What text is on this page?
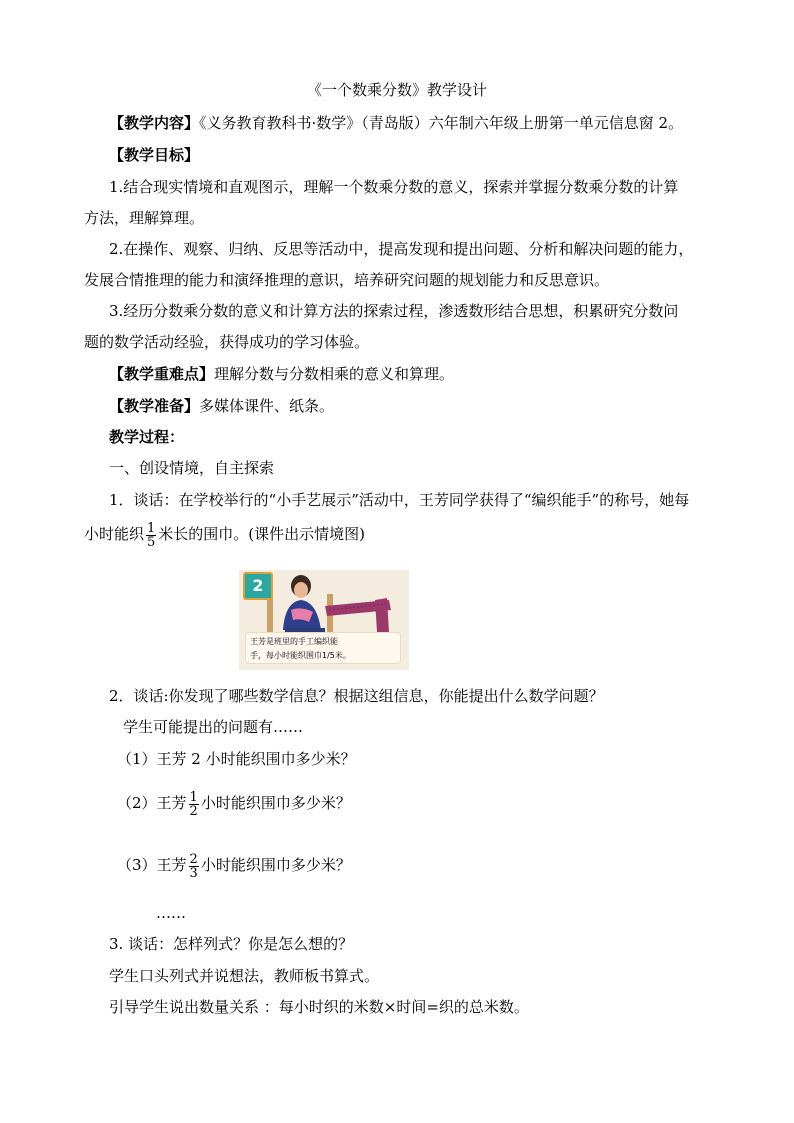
《一个数乘分数》教学设计
【教学内容】《义务教育教科书·数学》（青岛版）六年制六年级上册第一单元信息窗 2。
【教学目标】
1.结合现实情境和直观图示，理解一个数乘分数的意义，探索并掌握分数乘分数的计算
方法，理解算理。
2.在操作、观察、归纳、反思等活动中，提高发现和提出问题、分析和解决问题的能力，
发展合情推理的能力和演绎推理的意识，培养研究问题的规划能力和反思意识。
3.经历分数乘分数的意义和计算方法的探索过程，渗透数形结合思想，积累研究分数问
题的数学活动经验，获得成功的学习体验。
【教学重难点】理解分数与分数相乘的意义和算理。
【教学准备】多媒体课件、纸条。
教学过程：
一、创设情境，自主探索
1．谈话：在学校举行的“小手艺展示”活动中，王芳同学获得了“编织能手”的称号，她每
小时能织 $\frac{1}{5}$ 米长的围巾。(课件出示情境图)
2
王芳是班里的手工编织能
手，每小时能织围巾1/5米。
2．谈话:你发现了哪些数学信息？根据这组信息，你能提出什么数学问题？
学生可能提出的问题有……
（1）王芳 2 小时能织围巾多少米？
（2）王芳 $\frac{1}{2}$ 小时能织围巾多少米？
（3）王芳 $\frac{2}{3}$ 小时能织围巾多少米？
……
3. 谈话：怎样列式？你是怎么想的？
学生口头列式并说想法，教师板书算式。
引导学生说出数量关系 ：每小时织的米数×时间=织的总米数。
